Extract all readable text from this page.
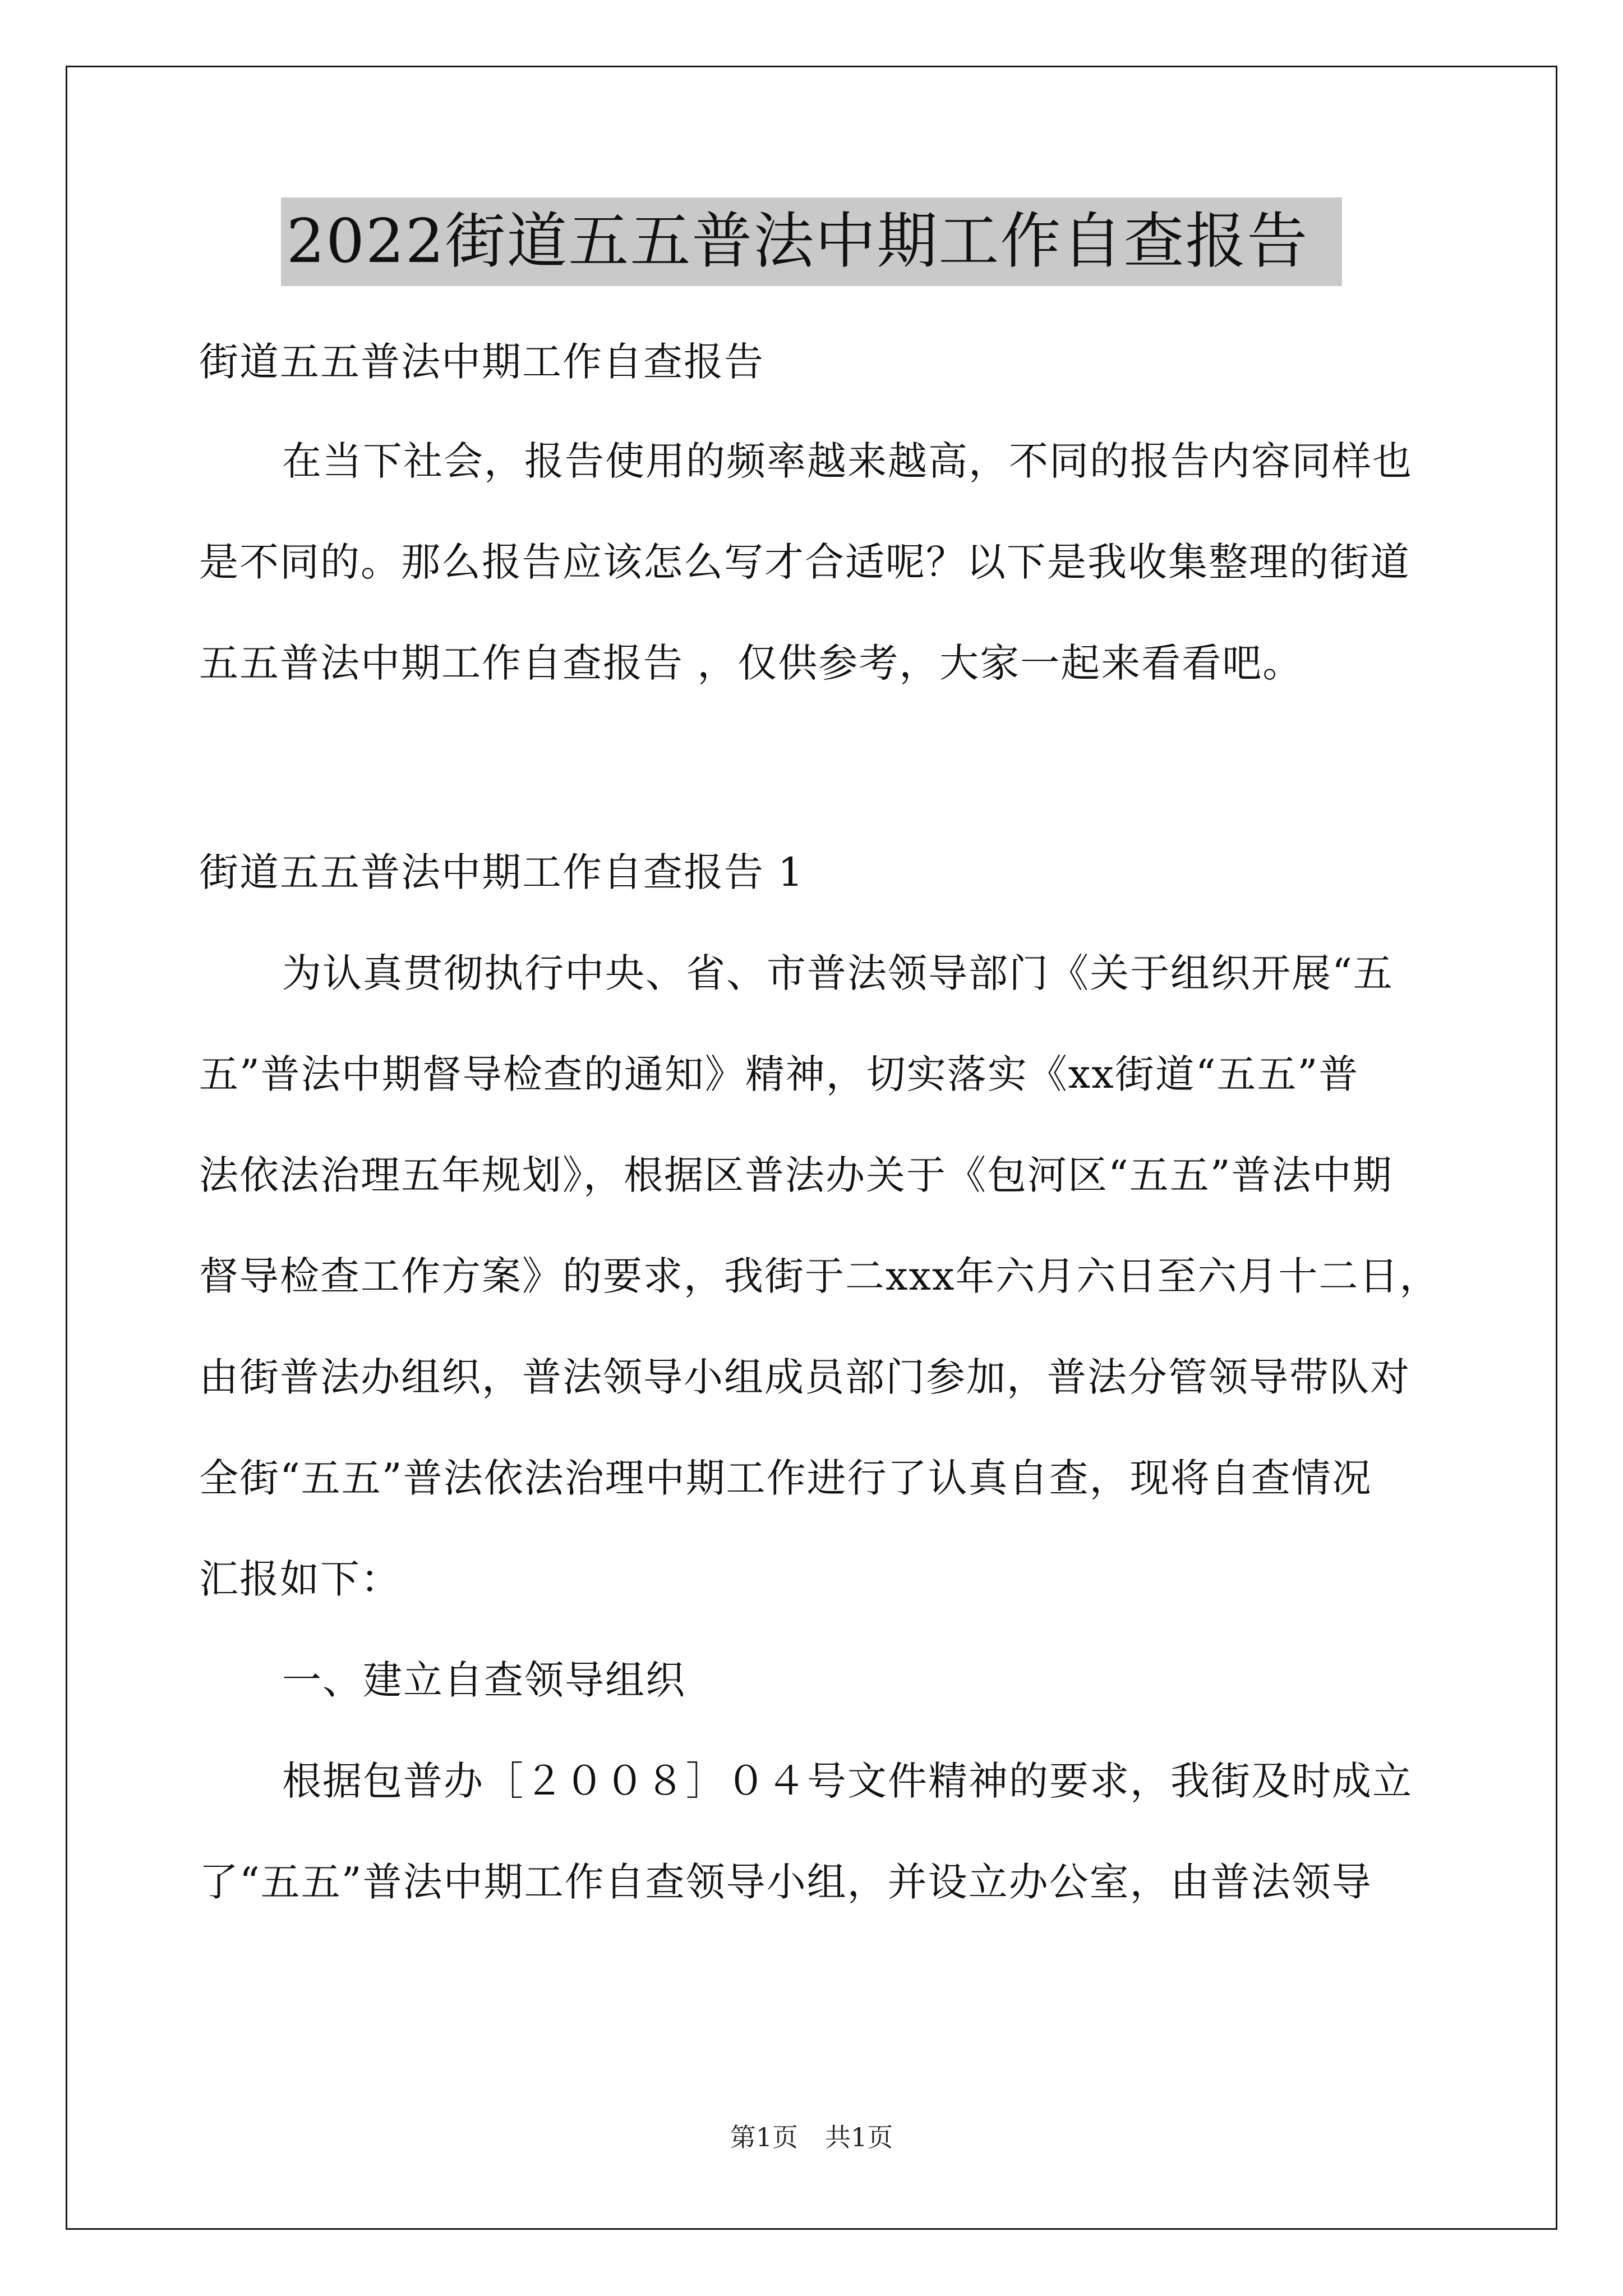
2022街道五五普法中期工作自查报告
街道五五普法中期工作自查报告
在当下社会，报告使用的频率越来越高，不同的报告内容同样也
是不同的。那么报告应该怎么写才合适呢？以下是我收集整理的街道
五五普法中期工作自查报告 ，仅供参考，大家一起来看看吧。
街道五五普法中期工作自查报告 1
为认真贯彻执行中央、省、市普法领导部门《关于组织开展“五
五”普法中期督导检查的通知》精神，切实落实《xx街道“五五”普
法依法治理五年规划》，根据区普法办关于《包河区“五五”普法中期
督导检查工作方案》的要求，我街于二xxx年六月六日至六月十二日，
由街普法办组织，普法领导小组成员部门参加，普法分管领导带队对
全街“五五”普法依法治理中期工作进行了认真自查，现将自查情况
汇报如下：
一、建立自查领导组织
根据包普办［２００８］０４号文件精神的要求，我街及时成立
了“五五”普法中期工作自查领导小组，并设立办公室，由普法领导
第1页 共1页
